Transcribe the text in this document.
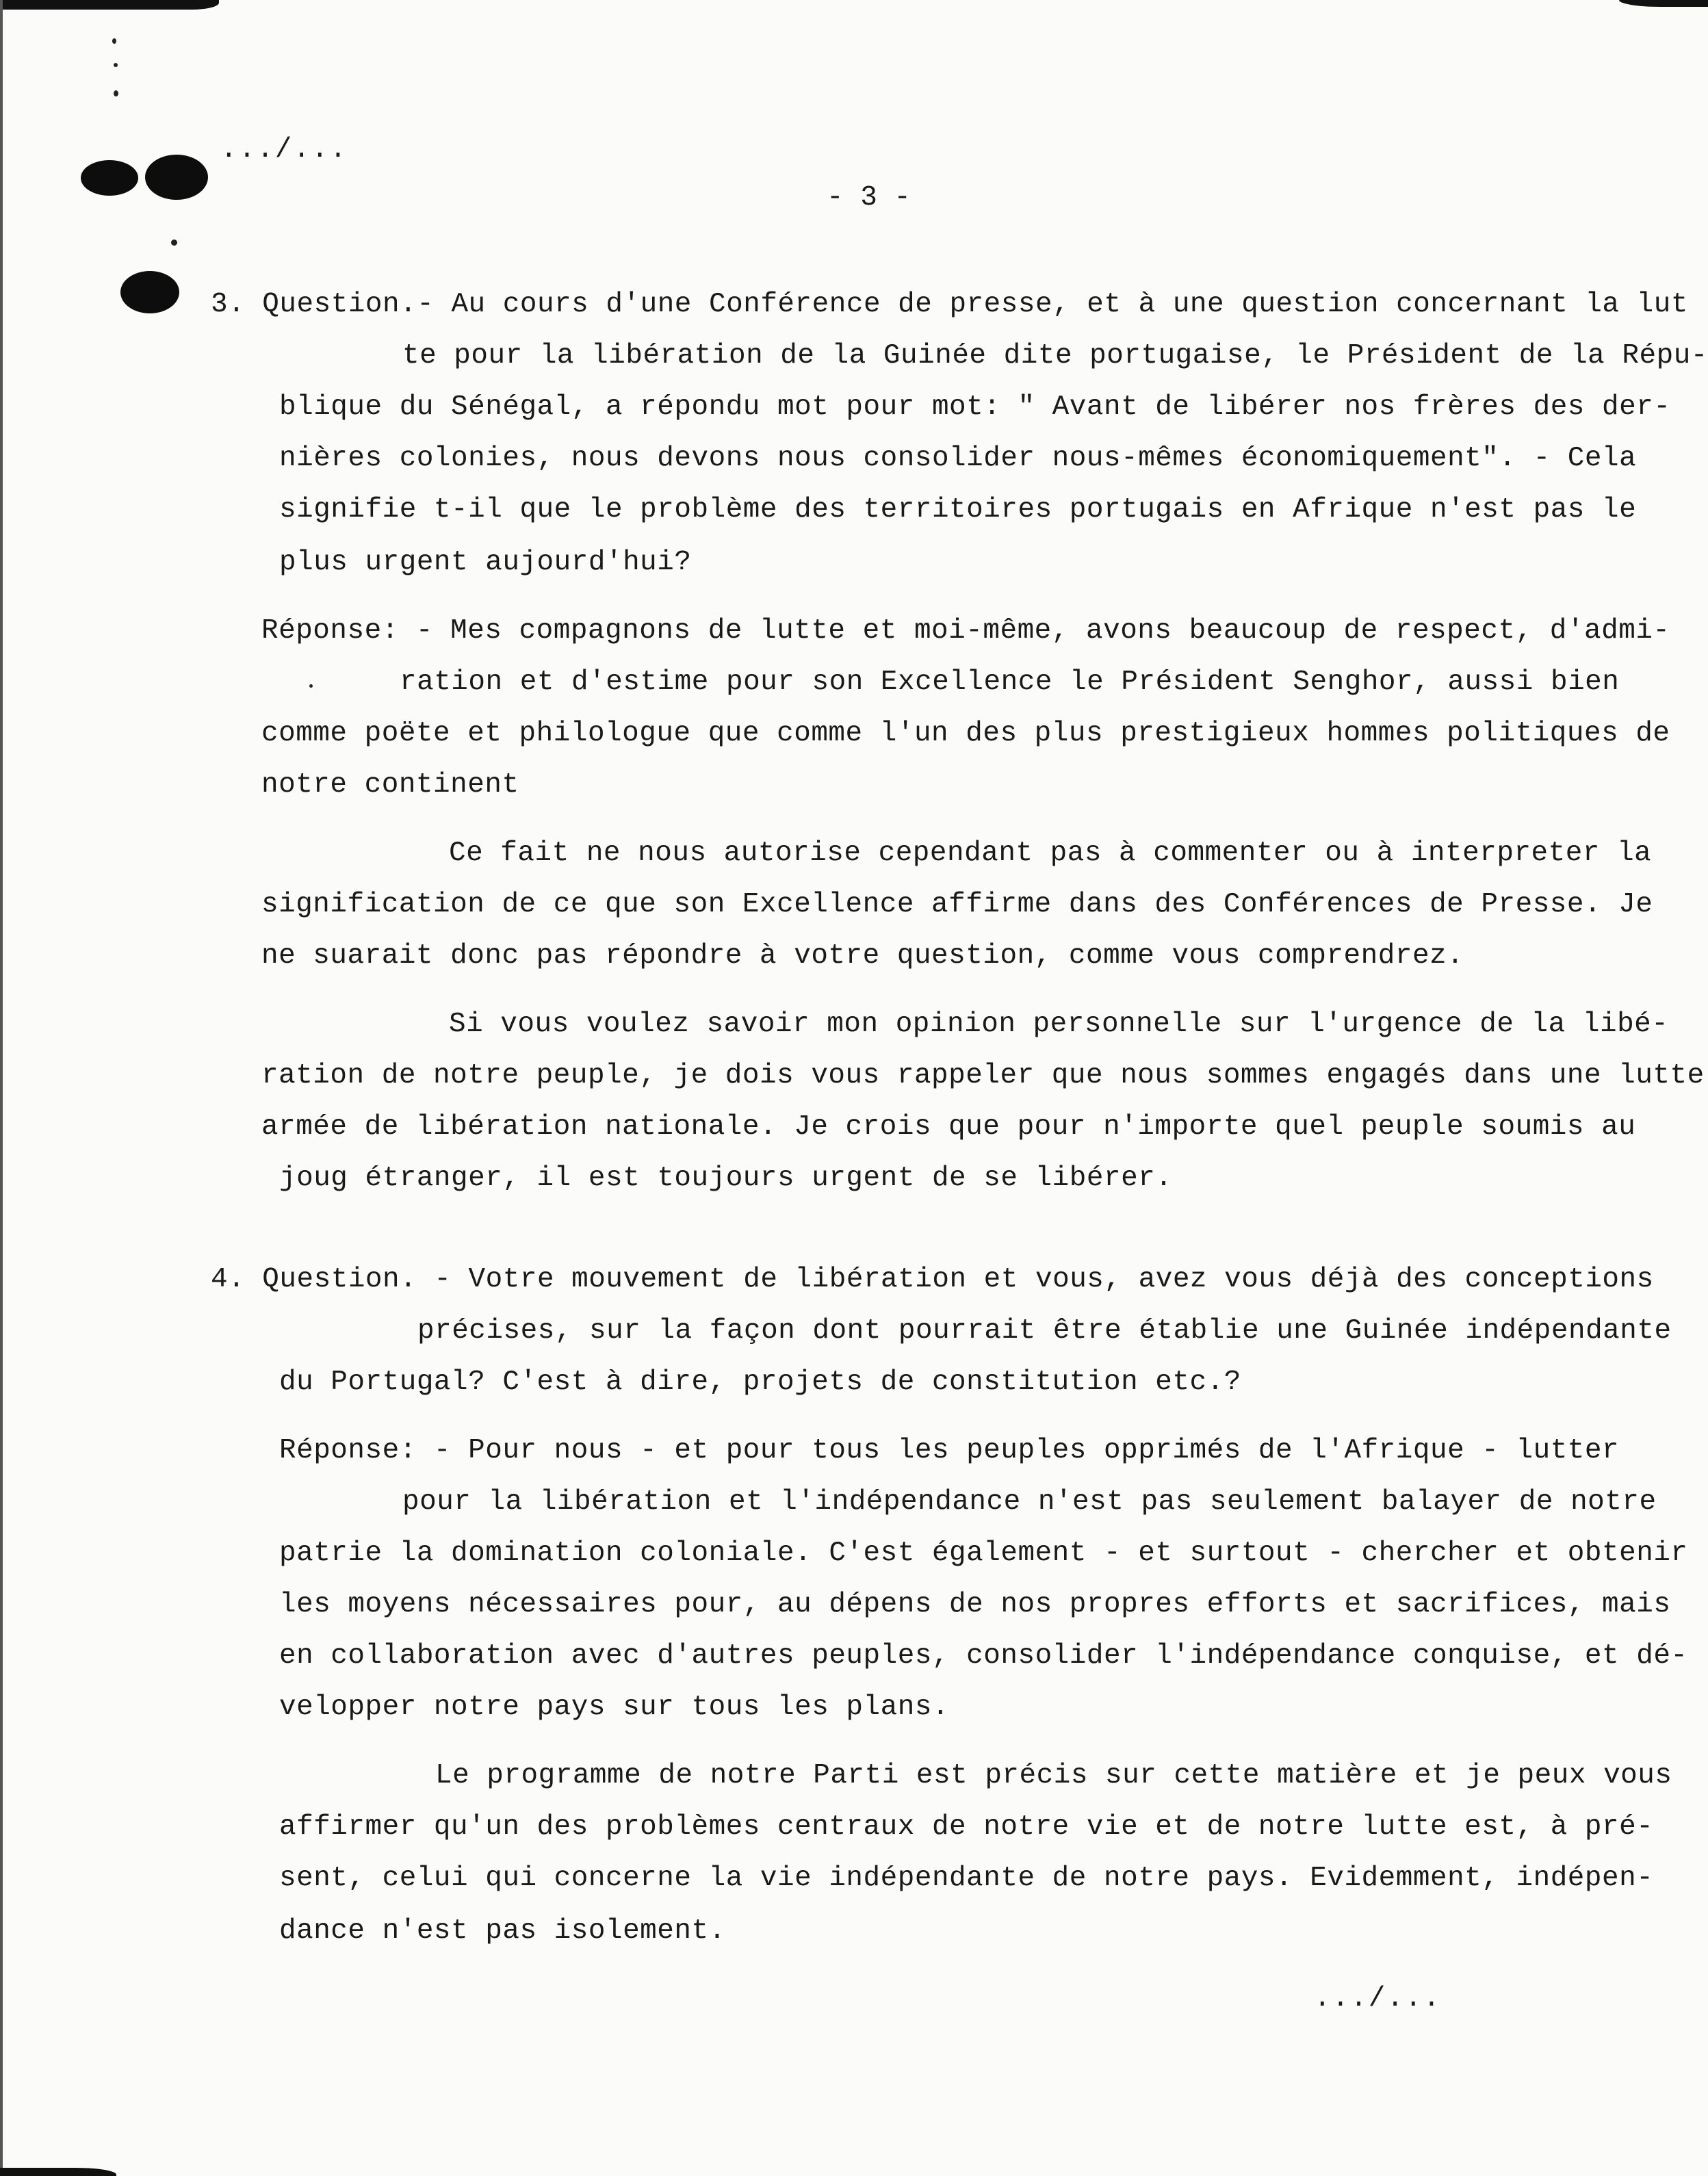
.../...
- 3 -
3. Question.- Au cours d'une Conférence de presse, et à une question concernant la lut
te pour la libération de la Guinée dite portugaise, le Président de la Répu-
blique du Sénégal, a répondu mot pour mot: " Avant de libérer nos frères des der-
nières colonies, nous devons nous consolider nous-mêmes économiquement". - Cela
signifie t-il que le problème des territoires portugais en Afrique n'est pas le
plus urgent aujourd'hui?
Réponse: - Mes compagnons de lutte et moi-même, avons beaucoup de respect, d'admi-
ration et d'estime pour son Excellence le Président Senghor, aussi bien
comme poëte et philologue que comme l'un des plus prestigieux hommes politiques de
notre continent
Ce fait ne nous autorise cependant pas à commenter ou à interpreter la
signification de ce que son Excellence affirme dans des Conférences de Presse. Je
ne suarait donc pas répondre à votre question, comme vous comprendrez.
Si vous voulez savoir mon opinion personnelle sur l'urgence de la libé-
ration de notre peuple, je dois vous rappeler que nous sommes engagés dans une lutte
armée de libération nationale. Je crois que pour n'importe quel peuple soumis au
joug étranger, il est toujours urgent de se libérer.
4. Question. - Votre mouvement de libération et vous, avez vous déjà des conceptions
précises, sur la façon dont pourrait être établie une Guinée indépendante
du Portugal? C'est à dire, projets de constitution etc.?
Réponse: - Pour nous - et pour tous les peuples opprimés de l'Afrique - lutter
pour la libération et l'indépendance n'est pas seulement balayer de notre
patrie la domination coloniale. C'est également - et surtout - chercher et obtenir
les moyens nécessaires pour, au dépens de nos propres efforts et sacrifices, mais
en collaboration avec d'autres peuples, consolider l'indépendance conquise, et dé-
velopper notre pays sur tous les plans.
Le programme de notre Parti est précis sur cette matière et je peux vous
affirmer qu'un des problèmes centraux de notre vie et de notre lutte est, à pré-
sent, celui qui concerne la vie indépendante de notre pays. Evidemment, indépen-
dance n'est pas isolement.
.../...
